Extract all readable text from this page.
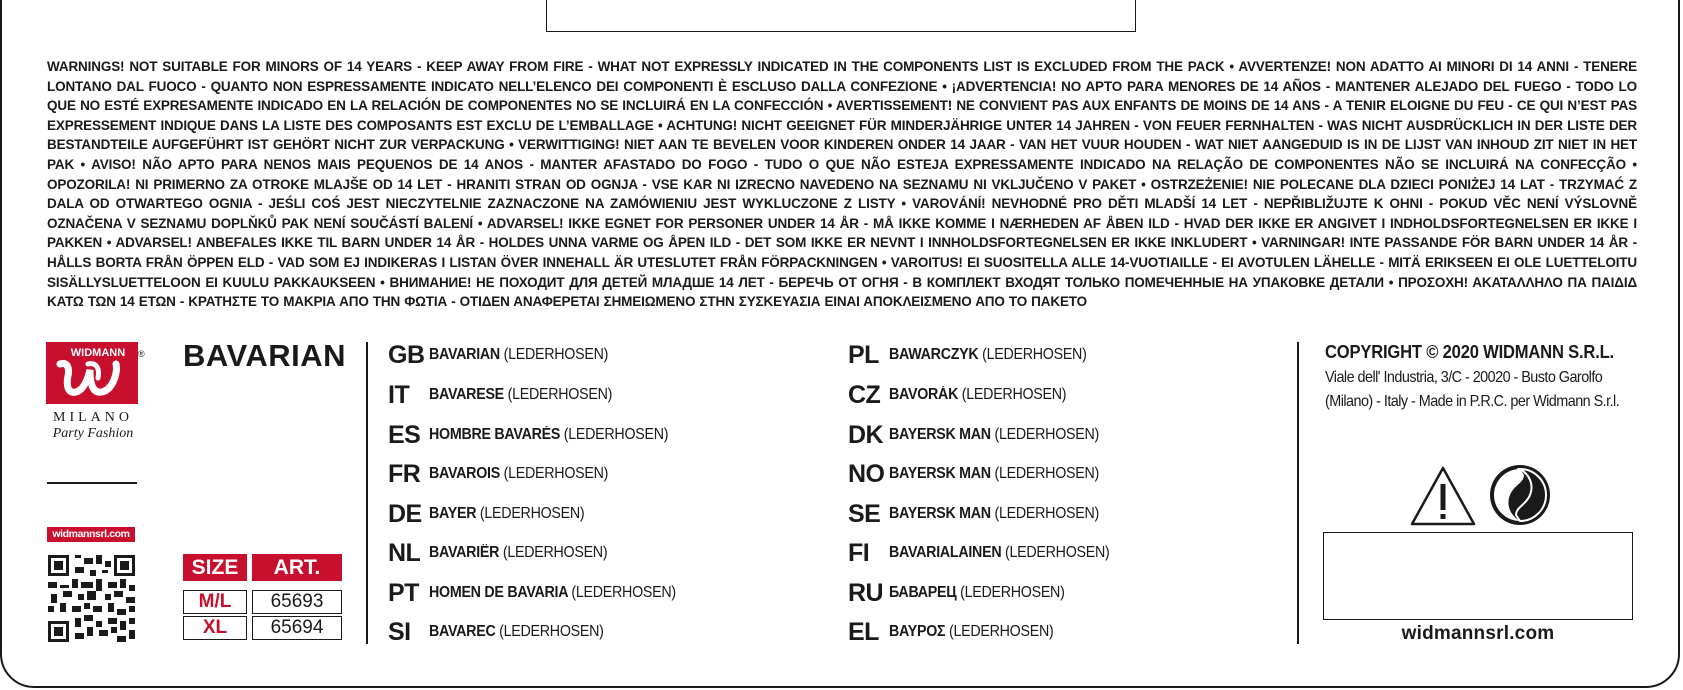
WARNINGS! NOT SUITABLE FOR MINORS OF 14 YEARS - KEEP AWAY FROM FIRE - WHAT NOT EXPRESSLY INDICATED IN THE COMPONENTS LIST IS EXCLUDED FROM THE PACK • AVVERTENZE! NON ADATTO AI MINORI DI 14 ANNI - TENERE LONTANO DAL FUOCO - QUANTO NON ESPRESSAMENTE INDICATO NELL’ELENCO DEI COMPONENTI È ESCLUSO DALLA CONFEZIONE • ¡ADVERTENCIA! NO APTO PARA MENORES DE 14 AÑOS - MANTENER ALEJADO DEL FUEGO - TODO LO QUE NO ESTÉ EXPRESAMENTE INDICADO EN LA RELACIÓN DE COMPONENTES NO SE INCLUIRÁ EN LA CONFECCIÓN • AVERTISSEMENT! NE CONVIENT PAS AUX ENFANTS DE MOINS DE 14 ANS - A TENIR ELOIGNE DU FEU - CE QUI N’EST PAS EXPRESSEMENT INDIQUE DANS LA LISTE DES COMPOSANTS EST EXCLU DE L’EMBALLAGE • ACHTUNG! NICHT GEEIGNET FÜR MINDERJÄHRIGE UNTER 14 JAHREN - VON FEUER FERNHALTEN - WAS NICHT AUSDRÜCKLICH IN DER LISTE DER BESTANDTEILE AUFGEFÜHRT IST GEHÖRT NICHT ZUR VERPACKUNG • VERWITTIGING! NIET AAN TE BEVELEN VOOR KINDEREN ONDER 14 JAAR - VAN HET VUUR HOUDEN - WAT NIET AANGEDUID IS IN DE LIJST VAN INHOUD ZIT NIET IN HET PAK • AVISO! NÃO APTO PARA NENOS MAIS PEQUENOS DE 14 ANOS - MANTER AFASTADO DO FOGO - TUDO O QUE NÃO ESTEJA EXPRESSAMENTE INDICADO NA RELAÇÃO DE COMPONENTES NÃO SE INCLUIRÁ NA CONFECÇÃO • OPOZORILA! NI PRIMERNO ZA OTROKE MLAJŠE OD 14 LET - HRANITI STRAN OD OGNJA - VSE KAR NI IZRECNO NAVEDENO NA SEZNAMU NI VKLJUČENO V PAKET • OSTRZEŻENIE! NIE POLECANE DLA DZIECI PONIŻEJ 14 LAT - TRZYMAĆ Z DALA OD OTWARTEGO OGNIA - JEŚLI COŚ JEST NIECZYTELNIE ZAZNACZONE NA ZAMÓWIENIU JEST WYKLUCZONE Z LISTY • VAROVÁNÍ! NEVHODNÉ PRO DĚTI MLADŠÍ 14 LET - NEPŘIBLIŽUJTE K OHNI - POKUD VĚC NENÍ VÝSLOVNĚ OZNAČENA V SEZNAMU DOPLŇKŮ PAK NENÍ SOUČÁSTÍ BALENÍ • ADVARSEL! IKKE EGNET FOR PERSONER UNDER 14 ÅR - MÅ IKKE KOMME I NÆRHEDEN AF ÅBEN ILD - HVAD DER IKKE ER ANGIVET I INDHOLDSFORTEGNELSEN ER IKKE I PAKKEN • ADVARSEL! ANBEFALES IKKE TIL BARN UNDER 14 ÅR - HOLDES UNNA VARME OG ÅPEN ILD - DET SOM IKKE ER NEVNT I INNHOLDSFORTEGNELSEN ER IKKE INKLUDERT • VARNINGAR! INTE PASSANDE FÖR BARN UNDER 14 ÅR - HÅLLS BORTA FRÅN ÖPPEN ELD - VAD SOM EJ INDIKERAS I LISTAN ÖVER INNEHALL ÄR UTESLUTET FRÅN FÖRPACKNINGEN • VAROITUS! EI SUOSITELLA ALLE 14-VUOTIAILLE - EI AVOTULEN LÄHELLE - MITÄ ERIKSEEN EI OLE LUETTELOITU SISÄLLYSLUETTELOON EI KUULU PAKKAUKSEEN • ВНИМАНИЕ! НЕ ПОХОДИТ ДЛЯ ДЕТЕЙ МЛАДШЕ 14 ЛЕТ - БЕРЕЧЬ ОТ ОГНЯ - В КОМПЛЕКТ ВХОДЯТ ТОЛЬКО ПОМЕЧЕННЫЕ НА УПАКОВКЕ ДЕТАЛИ • ΠΡΟΣΟΧΗ! ΑΚΑΤΑΛΛΗΛΟ ΠΑ ΠΑΙΔΙΔ ΚΑΤΩ ΤΩΝ 14 ΕΤΩΝ - ΚΡΑΤΗΣΤΕ ΤΟ ΜΑΚΡΙΑ ΑΠΟ ΤΗΝ ΦΩΤΙΑ - ΟΤΙΔΕΝ ΑΝΑΦΕΡΕΤΑΙ ΣΗΜΕΙΩΜΕΝΟ ΣΤΗΝ ΣΥΣΚΕΥΑΣΙΑ ΕΙΝΑΙ ΑΠΟΚΛΕΙΣΜΕΝΟ ΑΠΟ ΤΟ ΠΑΚΕΤΟ
WIDMANN ®
MILANO
Party Fashion
widmannsrl.com
BAVARIAN
SIZE	ART.
M/L	65693
XL	65694
GB BAVARIAN (LEDERHOSEN)
IT	BAVARESE (LEDERHOSEN)
ES HOMBRE BAVARÉS (LEDERHOSEN)
FR BAVAROIS (LEDERHOSEN)
DE BAYER (LEDERHOSEN)
NL BAVARIËR (LEDERHOSEN)
PT HOMEN DE BAVARIA (LEDERHOSEN)
SI	BAVAREC (LEDERHOSEN)
PL BAWARCZYK (LEDERHOSEN)
CZ BAVORÁK (LEDERHOSEN)
DK BAYERSK MAN (LEDERHOSEN)
NO BAYERSK MAN (LEDERHOSEN)
SE BAYERSK MAN (LEDERHOSEN)
FI	BAVARIALAINEN (LEDERHOSEN)
RU БАВАРЕЦ (LEDERHOSEN)
EL ΒΑΥΡΟΣ (LEDERHOSEN)
COPYRIGHT © 2020 WIDMANN S.R.L.
Viale dell' Industria, 3/C - 20020 - Busto Garolfo
(Milano) - Italy - Made in P.R.C. per Widmann S.r.l.
widmannsrl.com
